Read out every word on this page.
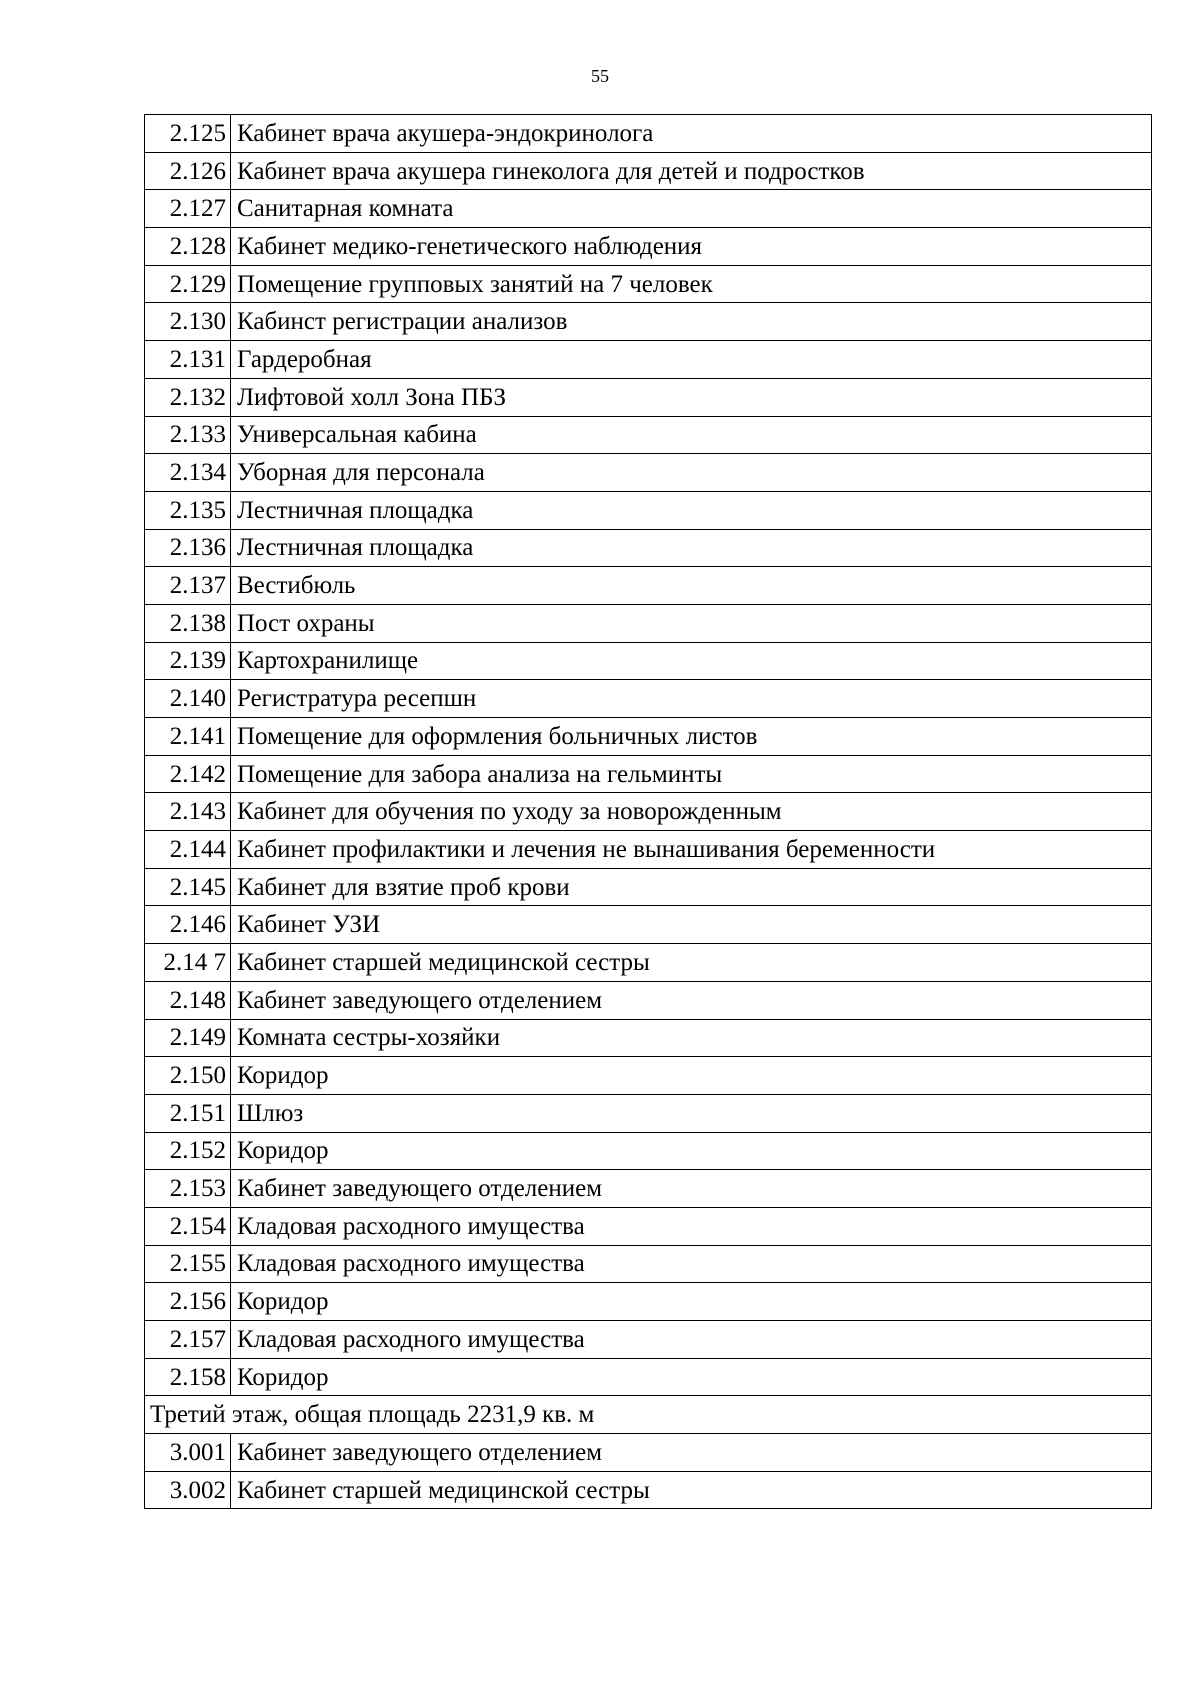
55
2.125	Кабинет врача акушера-эндокринолога
2.126	Кабинет врача акушера гинеколога для детей и подростков
2.127	Санитарная комната
2.128	Кабинет медико-генетического наблюдения
2.129	Помещение групповых занятий на 7 человек
2.130	Кабинст регистрации анализов
2.131	Гардеробная
2.132	Лифтовой холл Зона ПБЗ
2.133	Универсальная кабина
2.134	Уборная для персонала
2.135	Лестничная площадка
2.136	Лестничная площадка
2.137	Вестибюль
2.138	Пост охраны
2.139	Картохранилище
2.140	Регистратура ресепшн
2.141	Помещение для оформления больничных листов
2.142	Помещение для забора анализа на гельминты
2.143	Кабинет для обучения по уходу за новорожденным
2.144	Кабинет профилактики и лечения не вынашивания беременности
2.145	Кабинет для взятие проб крови
2.146	Кабинет УЗИ
2.14 7	Кабинет старшей медицинской сестры
2.148	Кабинет заведующего отделением
2.149	Комната сестры-хозяйки
2.150	Коридор
2.151	Шлюз
2.152	Коридор
2.153	Кабинет заведующего отделением
2.154	Кладовая расходного имущества
2.155	Кладовая расходного имущества
2.156	Коридор
2.157	Кладовая расходного имущества
2.158	Коридор
Третий этаж, общая площадь 2231,9 кв. м	
3.001	Кабинет заведующего отделением
3.002	Кабинет старшей медицинской сестры
